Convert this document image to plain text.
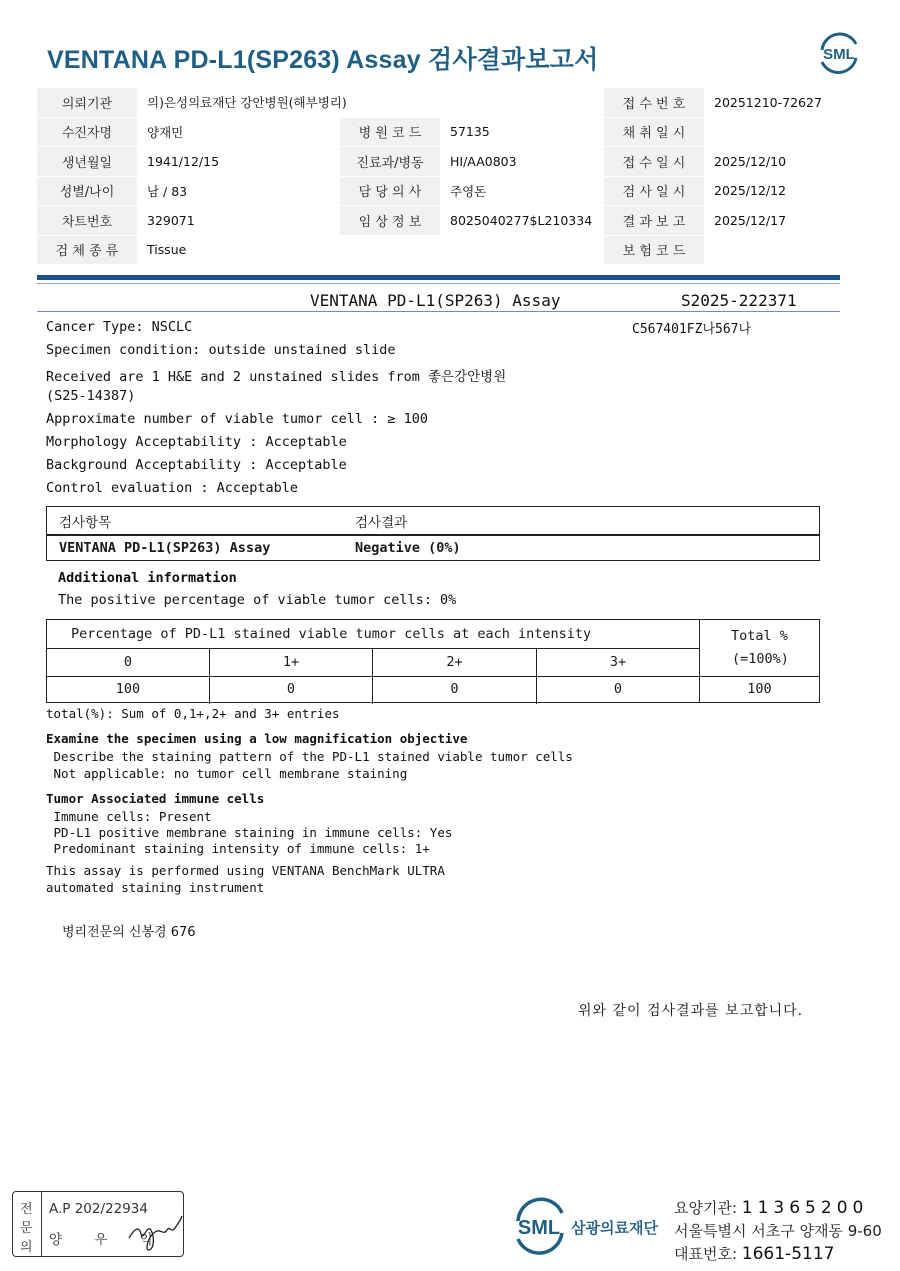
VENTANA PD-L1(SP263) Assay 검사결과보고서	SML
의뢰기관	의)은성의료재단 강안병원(해부병리)			접 수 번 호	20251210-72627
수진자명	양재민	병 원 코 드	57135	채 취 일 시	
생년월일	1941/12/15	진료과/병동	HI/AA0803	접 수 일 시	2025/12/10
성별/나이	남 / 83	담 당 의 사	주영돈	검 사 일 시	2025/12/12
차트번호	329071	임 상 정 보	8025040277$L210334	결 과 보 고	2025/12/17
검 체 종 류	Tissue			보 험 코 드	
VENTANA PD-L1(SP263) Assay	S2025-222371
C567401FZ나567나
Cancer Type: NSCLC
Specimen condition: outside unstained slide
Received are 1 H&E and 2 unstained slides from 좋은강안병원
(S25-14387)
Approximate number of viable tumor cell : ≥ 100
Morphology Acceptability : Acceptable
Background Acceptability : Acceptable
Control evaluation : Acceptable
검사항목	검사결과
VENTANA PD-L1(SP263) Assay	Negative (0%)
Additional information
The positive percentage of viable tumor cells: 0%
Percentage of PD-L1 stained viable tumor cells at each intensity	Total %
(=100%)
0	1+	2+	3+
100	0	0	0	100
total(%): Sum of 0,1+,2+ and 3+ entries
Examine the specimen using a low magnification objective
Describe the staining pattern of the PD-L1 stained viable tumor cells
Not applicable: no tumor cell membrane staining
Tumor Associated immune cells
Immune cells: Present
PD-L1 positive membrane staining in immune cells: Yes
Predominant staining intensity of immune cells: 1+
This assay is performed using VENTANA BenchMark ULTRA
automated staining instrument
병리전문의 신봉경 676
위와 같이 검사결과를 보고합니다.
전
문
의
A.P 202/22934
양 우 익
SML 삼광의료재단
요양기관: 11365200
서울특별시 서초구 양재동 9-60
대표번호: 1661-5117
